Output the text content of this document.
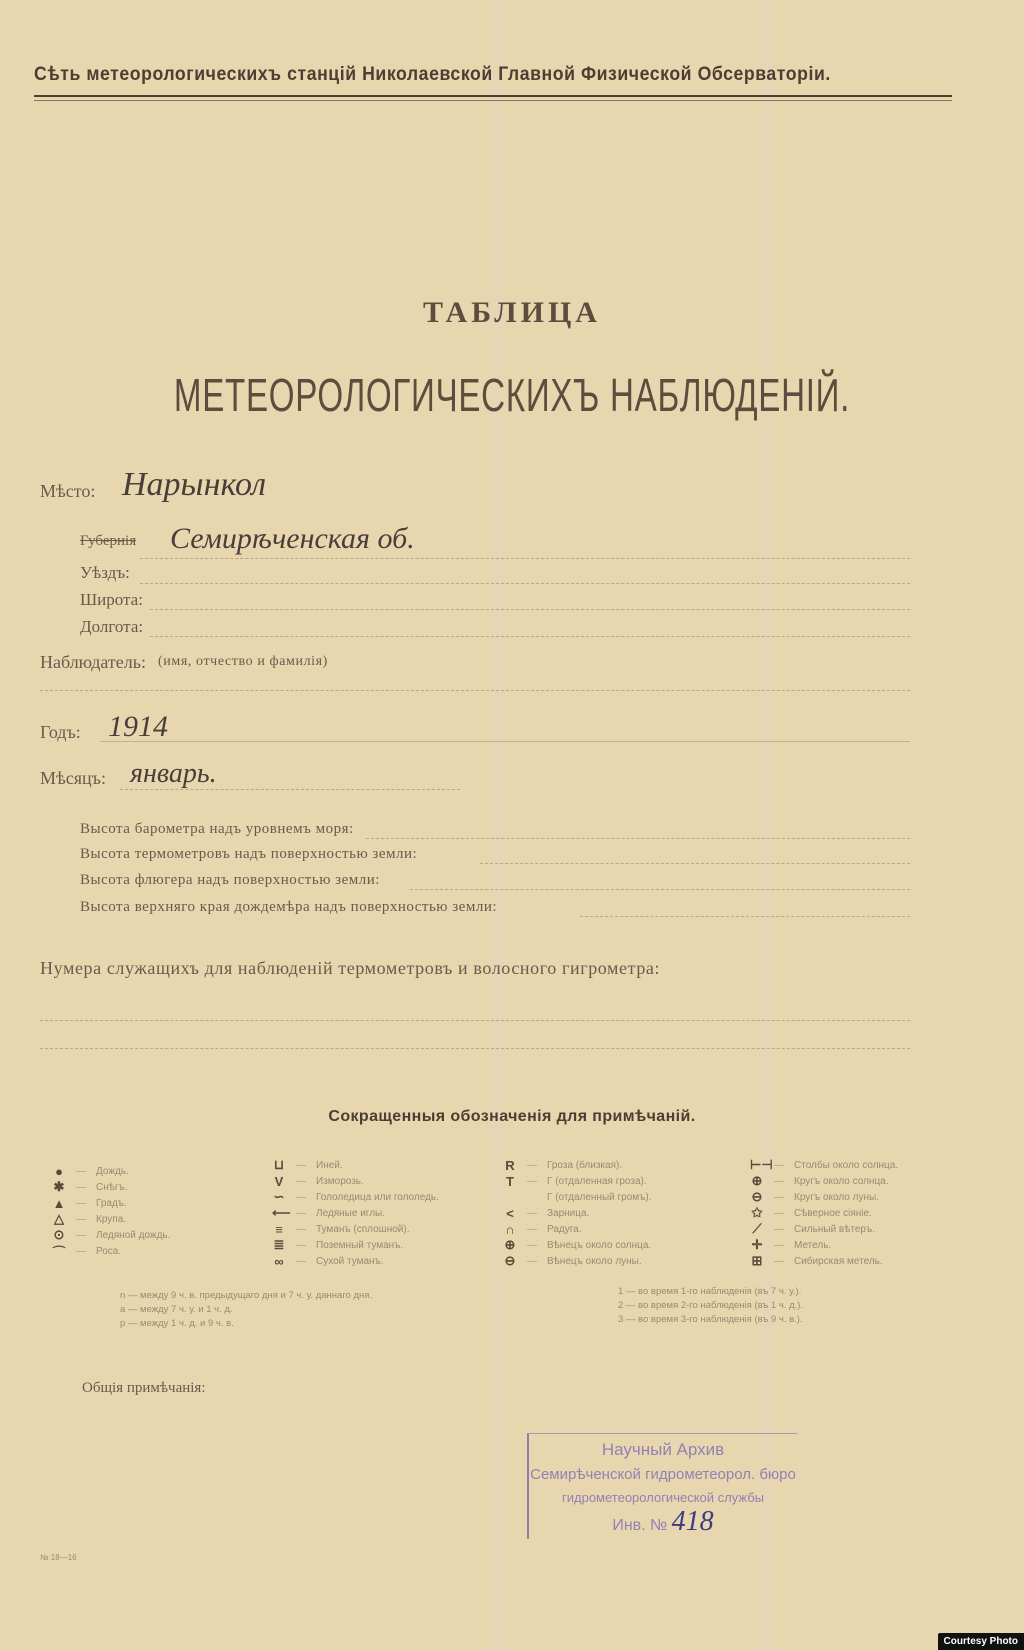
Сѣть метеорологическихъ станцій Николаевской Главной Физической Обсерваторіи.
ТАБЛИЦА
МЕТЕОРОЛОГИЧЕСКИХЪ НАБЛЮДЕНІЙ.
Мѣсто: Нарынкол
Губернія Семирѣченская об.
Уѣздъ:
Широта:
Долгота:
Наблюдатель: (имя, отчество и фамилія)
Годъ: 1914
Мѣсяцъ: январь.
Высота барометра надъ уровнемъ моря:
Высота термометровъ надъ поверхностью земли:
Высота флюгера надъ поверхностью земли:
Высота верхняго края дождемѣра надъ поверхностью земли:
Нумера служащихъ для наблюденій термометровъ и волосного гигрометра:
Сокращенныя обозначенія для примѣчаній.
●	—	Дождь.
✱	—	Снѣгъ.
▲	—	Градъ.
△	—	Крупа.
⊙	—	Ледяной дождь.
⌒	—	Роса.
⊔	—	Иней.
V	—	Изморозь.
∽	—	Гололедица или гололедь.
⟵ —	Ледяные иглы.
≡	—	Туманъ (сплошной).
≣	—	Поземный туманъ.
∞	—	Сухой туманъ.
R	—	Гроза (близкая).
T	—	Г (отдаленная гроза).
Г (отдаленный громъ).
<	—	Зарница.
∩	—	Радуга.
⊕	—	Вѣнецъ около солнца.
⊖	—	Вѣнецъ около луны.
⊢⊣ —	Столбы около солнца.
⊕	—	Кругъ около солнца.
⊖	—	Кругъ около луны.
✩	—	Сѣверное сіяніе.
⟋	—	Сильный вѣтеръ.
✛	—	Метель.
⊞	—	Сибирская метель.
n — между 9 ч. в. предыдущаго дня и 7 ч. у. даннаго дня.
a — между 7 ч. у. и 1 ч. д.
p — между 1 ч. д. и 9 ч. в.
1 — во время 1-го наблюденія (въ 7 ч. у.).
2 — во время 2-го наблюденія (въ 1 ч. д.).
3 — во время 3-го наблюденія (въ 9 ч. в.).
Общія примѣчанія:
Научный Архив
Семирѣченской гидрометеорол. бюро
гидрометеорологической службы
Инв. № 418
№ 18—16
Courtesy Photo
